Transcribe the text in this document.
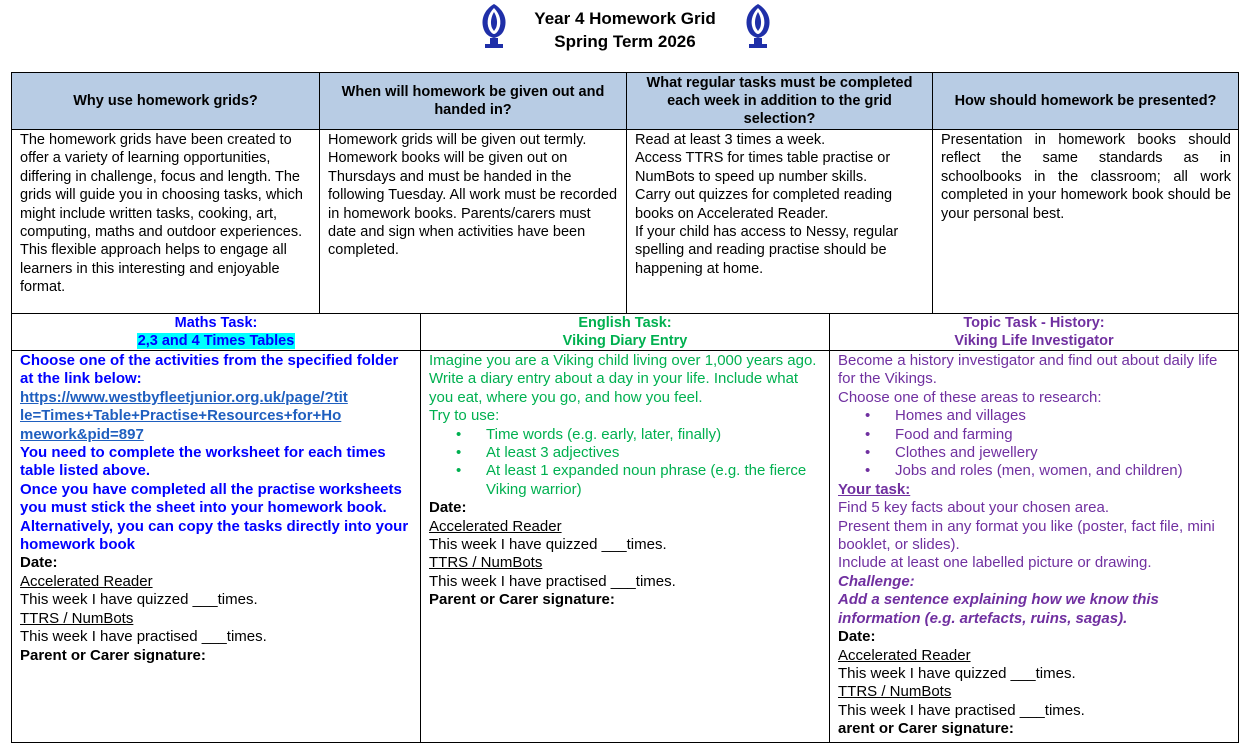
Year 4 Homework Grid
Spring Term 2026
Why use homework grids?
When will homework be given out and handed in?
What regular tasks must be completed each week in addition to the grid selection?
How should homework be presented?
The homework grids have been created to offer a variety of learning opportunities, differing in challenge, focus and length. The grids will guide you in choosing tasks, which might include written tasks, cooking, art, computing, maths and outdoor experiences. This flexible approach helps to engage all learners in this interesting and enjoyable format.
Homework grids will be given out termly. Homework books will be given out on Thursdays and must be handed in the following Tuesday. All work must be recorded in homework books. Parents/carers must date and sign when activities have been completed.
Read at least 3 times a week.
Access TTRS for times table practise or NumBots to speed up number skills.
Carry out quizzes for completed reading books on Accelerated Reader.
If your child has access to Nessy, regular spelling and reading practise should be happening at home.
Presentation in homework books should reflect the same standards as in schoolbooks in the classroom; all work completed in your homework book should be your personal best.
Maths Task:
2,3 and 4 Times Tables
English Task:
Viking Diary Entry
Topic Task - History:
Viking Life Investigator
Choose one of the activities from the specified folder at the link below:
https://www.westbyfleetjunior.org.uk/page/?title=Times+Table+Practise+Resources+for+Homework&pid=897
You need to complete the worksheet for each times table listed above.
Once you have completed all the practise worksheets you must stick the sheet into your homework book.
Alternatively, you can copy the tasks directly into your homework book
Date:
Accelerated Reader
This week I have quizzed ___times.
TTRS / NumBots
This week I have practised ___times.
Parent or Carer signature:
Imagine you are a Viking child living over 1,000 years ago. Write a diary entry about a day in your life. Include what you eat, where you go, and how you feel.
Try to use:
• Time words (e.g. early, later, finally)
• At least 3 adjectives
• At least 1 expanded noun phrase (e.g. the fierce Viking warrior)
Date:
Accelerated Reader
This week I have quizzed ___times.
TTRS / NumBots
This week I have practised ___times.
Parent or Carer signature:
Become a history investigator and find out about daily life for the Vikings.
Choose one of these areas to research:
• Homes and villages
• Food and farming
• Clothes and jewellery
• Jobs and roles (men, women, and children)
Your task:
Find 5 key facts about your chosen area.
Present them in any format you like (poster, fact file, mini booklet, or slides).
Include at least one labelled picture or drawing.
Challenge:
Add a sentence explaining how we know this information (e.g. artefacts, ruins, sagas).
Date:
Accelerated Reader
This week I have quizzed ___times.
TTRS / NumBots
This week I have practised ___times.
arent or Carer signature:
